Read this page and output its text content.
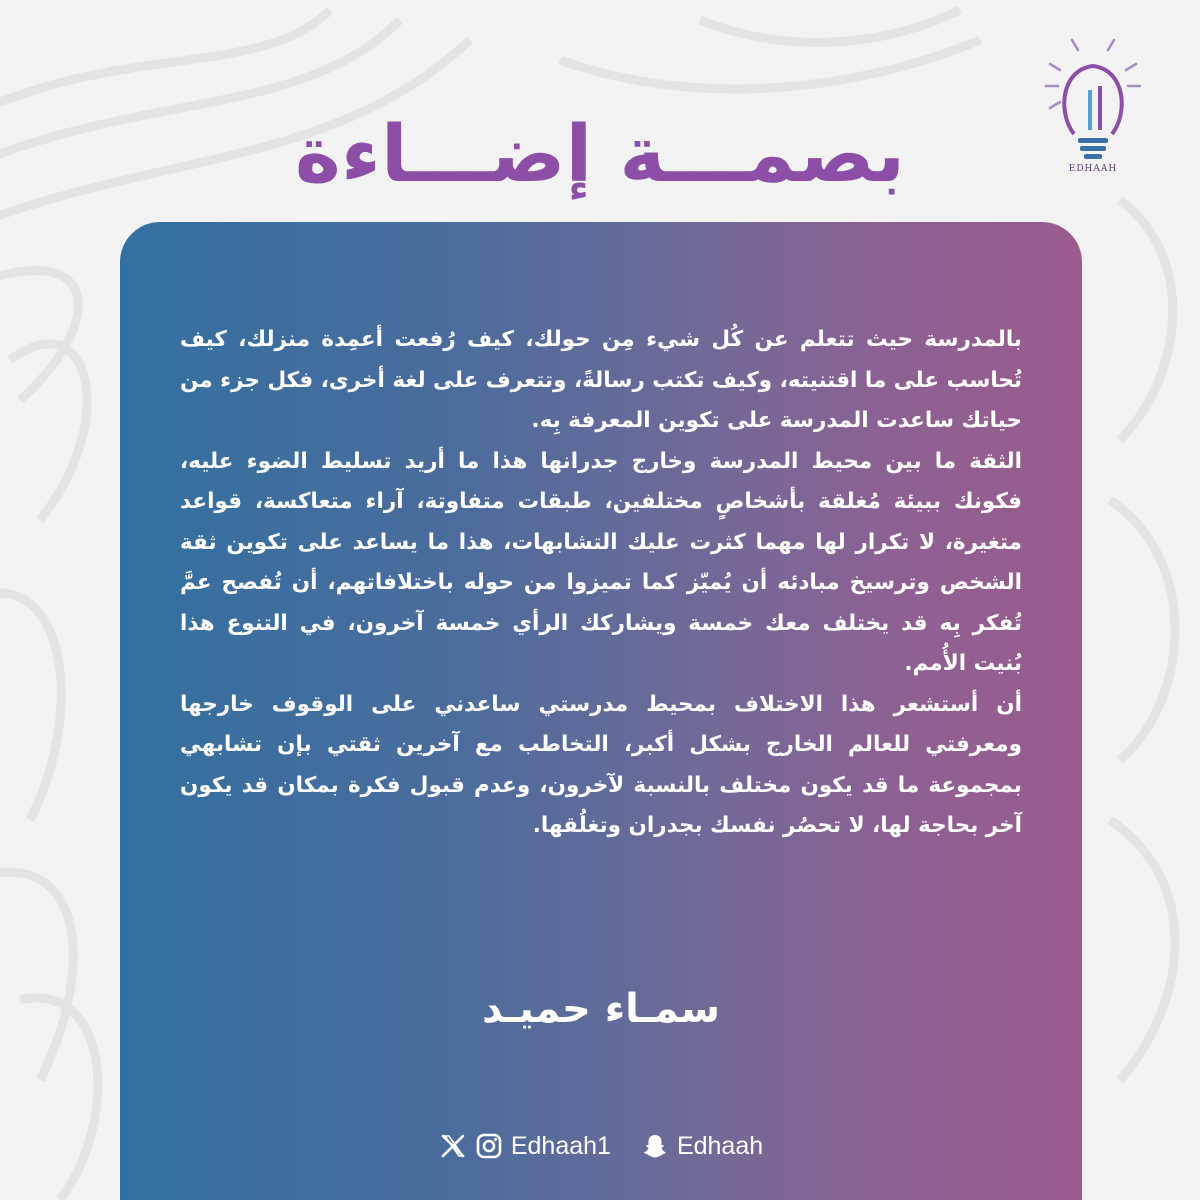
EDHAAH
بصمـــة إضـــاءة

بالمدرسة حيث تتعلم عن كُل شيء مِن حولك، كيف رُفعت أعمِدة منزلك، كيف تُحاسب على ما اقتنيته، وكيف تكتب رسالةً، وتتعرف على لغة أخرى، فكل جزء من حياتك ساعدت المدرسة على تكوين المعرفة بِه.

الثقة ما بين محيط المدرسة وخارج جدرانها هذا ما أريد تسليط الضوء عليه، فكونك ببيئة مُغلقة بأشخاصٍ مختلفين، طبقات متفاوتة، آراء متعاكسة، قواعد متغيرة، لا تكرار لها مهما كثرت عليك التشابهات، هذا ما يساعد على تكوين ثقة الشخص وترسيخ مبادئه أن يُميّز كما تميزوا من حوله باختلافاتهم، أن تُفصح عمَّ تُفكر بِه قد يختلف معك خمسة ويشاركك الرأي خمسة آخرون، في التنوع هذا بُنيت الأُمم.

أن أستشعر هذا الاختلاف بمحيط مدرستي ساعدني على الوقوف خارجها ومعرفتي للعالم الخارج بشكل أكبر، التخاطب مع آخرين ثقتي بإن تشابهي بمجموعة ما قد يكون مختلف بالنسبة لآخرون، وعدم قبول فكرة بمكان قد يكون آخر بحاجة لها، لا تحصُر نفسك بجدران وتغلُقها.

سمـاء حميـد
Edhaah1	Edhaah
